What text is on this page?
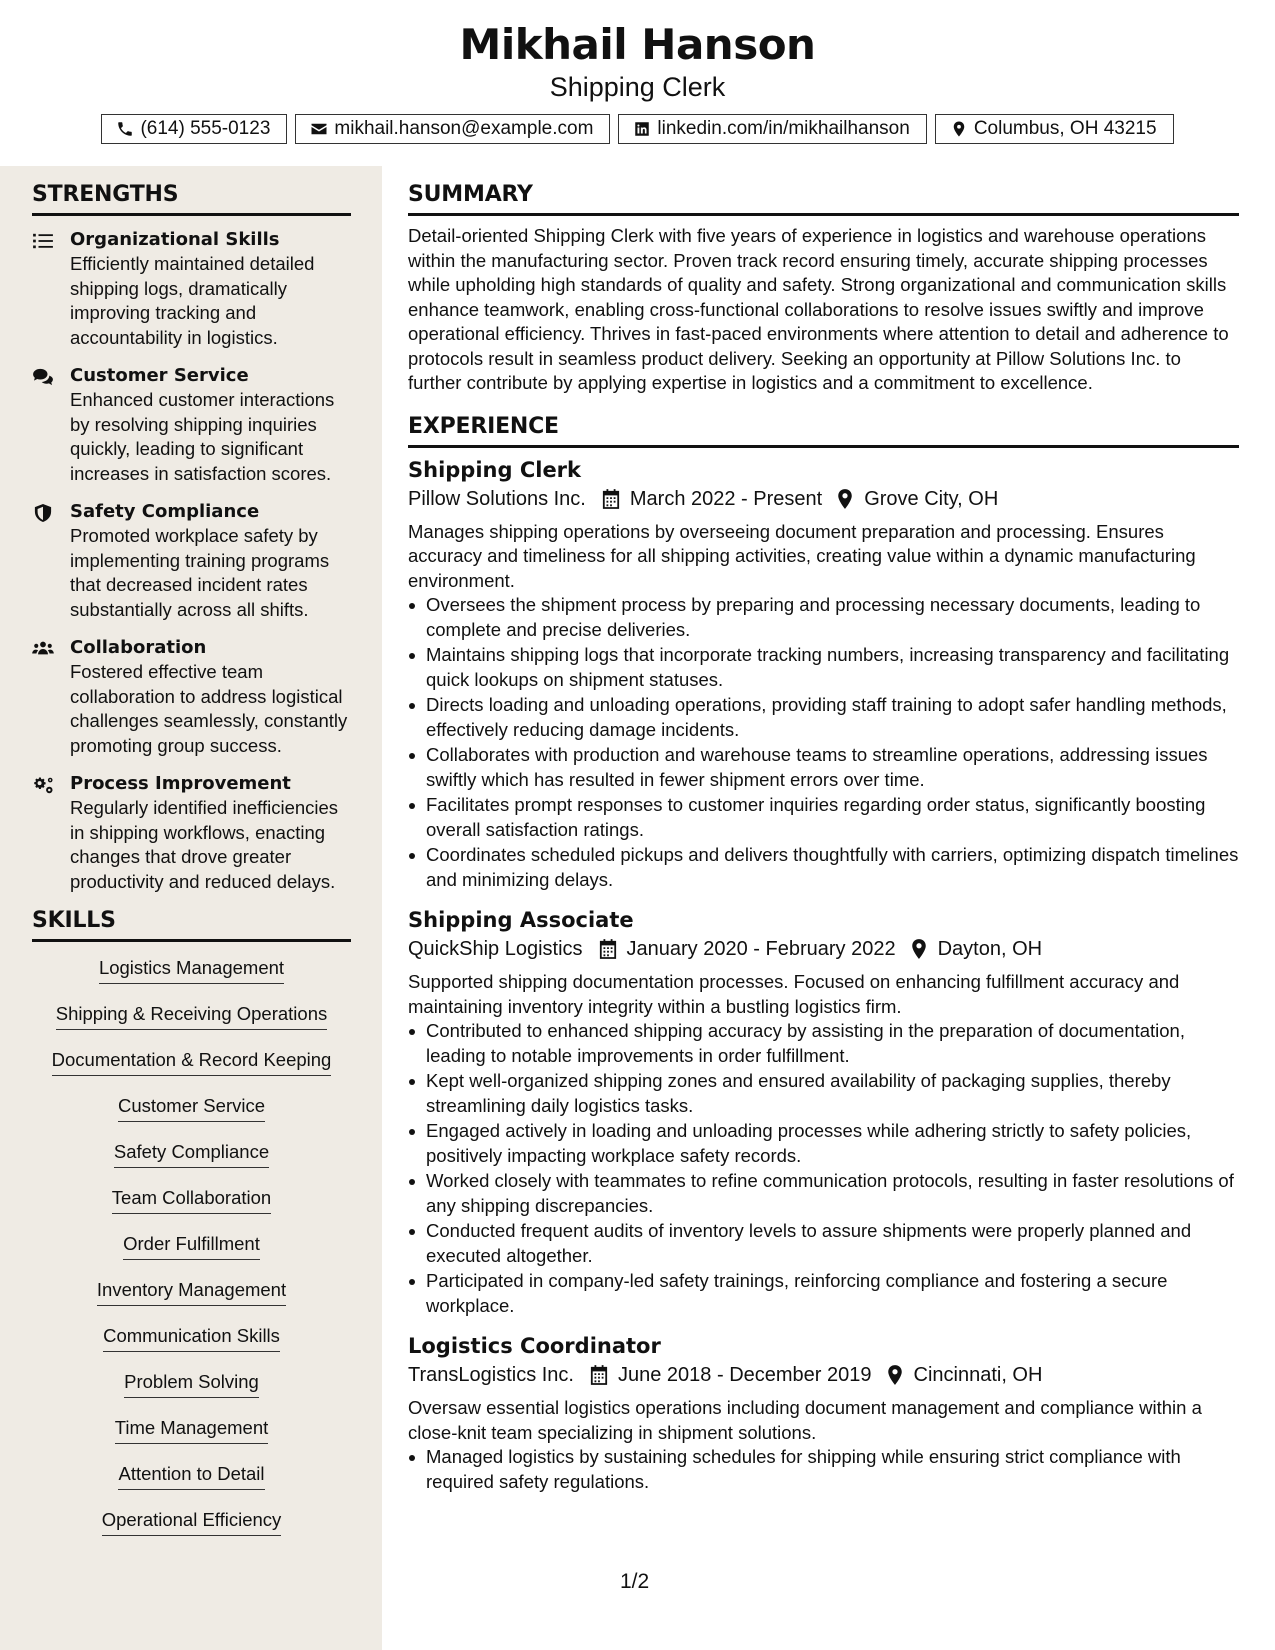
Mikhail Hanson
Shipping Clerk
(614) 555-0123	mikhail.hanson@example.com	linkedin.com/in/mikhailhanson	Columbus, OH 43215
STRENGTHS
Organizational Skills
Efficiently maintained detailed shipping logs, dramatically improving tracking and accountability in logistics.
Customer Service
Enhanced customer interactions by resolving shipping inquiries quickly, leading to significant increases in satisfaction scores.
Safety Compliance
Promoted workplace safety by implementing training programs that decreased incident rates substantially across all shifts.
Collaboration
Fostered effective team collaboration to address logistical challenges seamlessly, constantly promoting group success.
Process Improvement
Regularly identified inefficiencies in shipping workflows, enacting changes that drove greater productivity and reduced delays.
SKILLS
Logistics Management
Shipping & Receiving Operations
Documentation & Record Keeping
Customer Service
Safety Compliance
Team Collaboration
Order Fulfillment
Inventory Management
Communication Skills
Problem Solving
Time Management
Attention to Detail
Operational Efficiency
SUMMARY
Detail-oriented Shipping Clerk with five years of experience in logistics and warehouse operations within the manufacturing sector. Proven track record ensuring timely, accurate shipping processes while upholding high standards of quality and safety. Strong organizational and communication skills enhance teamwork, enabling cross-functional collaborations to resolve issues swiftly and improve operational efficiency. Thrives in fast-paced environments where attention to detail and adherence to protocols result in seamless product delivery. Seeking an opportunity at Pillow Solutions Inc. to further contribute by applying expertise in logistics and a commitment to excellence.
EXPERIENCE
Shipping Clerk
Pillow Solutions Inc. March 2022 - Present Grove City, OH
Manages shipping operations by overseeing document preparation and processing. Ensures accuracy and timeliness for all shipping activities, creating value within a dynamic manufacturing environment.
Oversees the shipment process by preparing and processing necessary documents, leading to complete and precise deliveries.
Maintains shipping logs that incorporate tracking numbers, increasing transparency and facilitating quick lookups on shipment statuses.
Directs loading and unloading operations, providing staff training to adopt safer handling methods, effectively reducing damage incidents.
Collaborates with production and warehouse teams to streamline operations, addressing issues swiftly which has resulted in fewer shipment errors over time.
Facilitates prompt responses to customer inquiries regarding order status, significantly boosting overall satisfaction ratings.
Coordinates scheduled pickups and delivers thoughtfully with carriers, optimizing dispatch timelines and minimizing delays.
Shipping Associate
QuickShip Logistics January 2020 - February 2022 Dayton, OH
Supported shipping documentation processes. Focused on enhancing fulfillment accuracy and maintaining inventory integrity within a bustling logistics firm.
Contributed to enhanced shipping accuracy by assisting in the preparation of documentation, leading to notable improvements in order fulfillment.
Kept well-organized shipping zones and ensured availability of packaging supplies, thereby streamlining daily logistics tasks.
Engaged actively in loading and unloading processes while adhering strictly to safety policies, positively impacting workplace safety records.
Worked closely with teammates to refine communication protocols, resulting in faster resolutions of any shipping discrepancies.
Conducted frequent audits of inventory levels to assure shipments were properly planned and executed altogether.
Participated in company-led safety trainings, reinforcing compliance and fostering a secure workplace.
Logistics Coordinator
TransLogistics Inc. June 2018 - December 2019 Cincinnati, OH
Oversaw essential logistics operations including document management and compliance within a close-knit team specializing in shipment solutions.
Managed logistics by sustaining schedules for shipping while ensuring strict compliance with required safety regulations.
1/2
